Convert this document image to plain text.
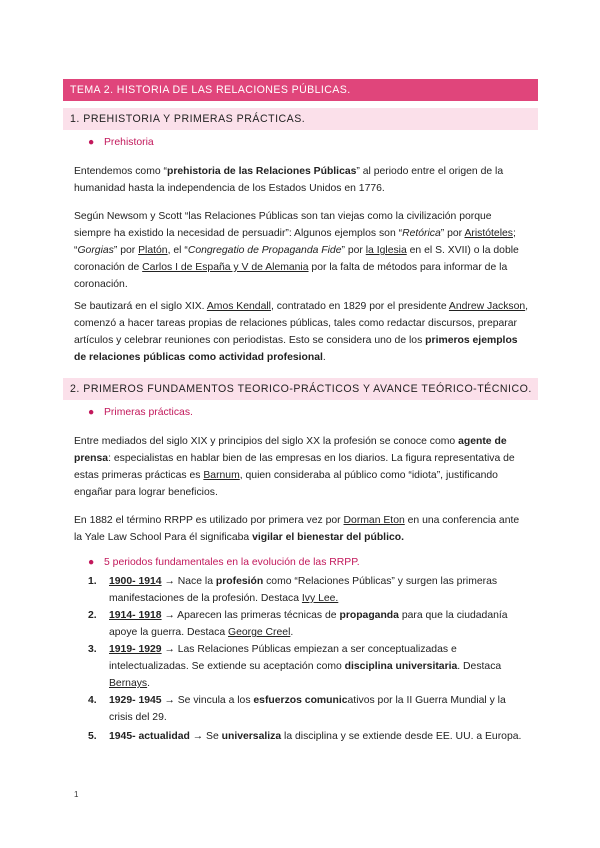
TEMA 2. HISTORIA DE LAS RELACIONES PÚBLICAS.
1. PREHISTORIA Y PRIMERAS PRÁCTICAS.
● Prehistoria
Entendemos como “prehistoria de las Relaciones Públicas” al periodo entre el origen de la humanidad hasta la independencia de los Estados Unidos en 1776.
Según Newsom y Scott “las Relaciones Públicas son tan viejas como la civilización porque siempre ha existido la necesidad de persuadir”: Algunos ejemplos son “Retórica” por Aristóteles; “Gorgias” por Platón, el “Congregatio de Propaganda Fide” por la Iglesia en el S. XVII) o la doble coronación de Carlos I de España y V de Alemania por la falta de métodos para informar de la coronación.
Se bautizará en el siglo XIX. Amos Kendall, contratado en 1829 por el presidente Andrew Jackson, comenzó a hacer tareas propias de relaciones públicas, tales como redactar discursos, preparar artículos y celebrar reuniones con periodistas. Esto se considera uno de los primeros ejemplos de relaciones públicas como actividad profesional.
2. PRIMEROS FUNDAMENTOS TEORICO-PRÁCTICOS Y AVANCE TEÓRICO-TÉCNICO.
● Primeras prácticas.
Entre mediados del siglo XIX y principios del siglo XX la profesión se conoce como agente de prensa: especialistas en hablar bien de las empresas en los diarios. La figura representativa de estas primeras prácticas es Barnum, quien consideraba al público como “idiota”, justificando engañar para lograr beneficios.
En 1882 el término RRPP es utilizado por primera vez por Dorman Eton en una conferencia ante la Yale Law School Para él significaba vigilar el bienestar del público.
● 5 periodos fundamentales en la evolución de las RRPP.
1. 1900- 1914 → Nace la profesión como “Relaciones Públicas” y surgen las primeras manifestaciones de la profesión. Destaca Ivy Lee.
2. 1914- 1918 → Aparecen las primeras técnicas de propaganda para que la ciudadanía apoye la guerra. Destaca George Creel.
3. 1919- 1929 → Las Relaciones Públicas empiezan a ser conceptualizadas e intelectualizadas. Se extiende su aceptación como disciplina universitaria. Destaca Bernays.
4. 1929- 1945 → Se vincula a los esfuerzos comunicativos por la II Guerra Mundial y la crisis del 29.
5. 1945- actualidad → Se universaliza la disciplina y se extiende desde EE. UU. a Europa.
1
